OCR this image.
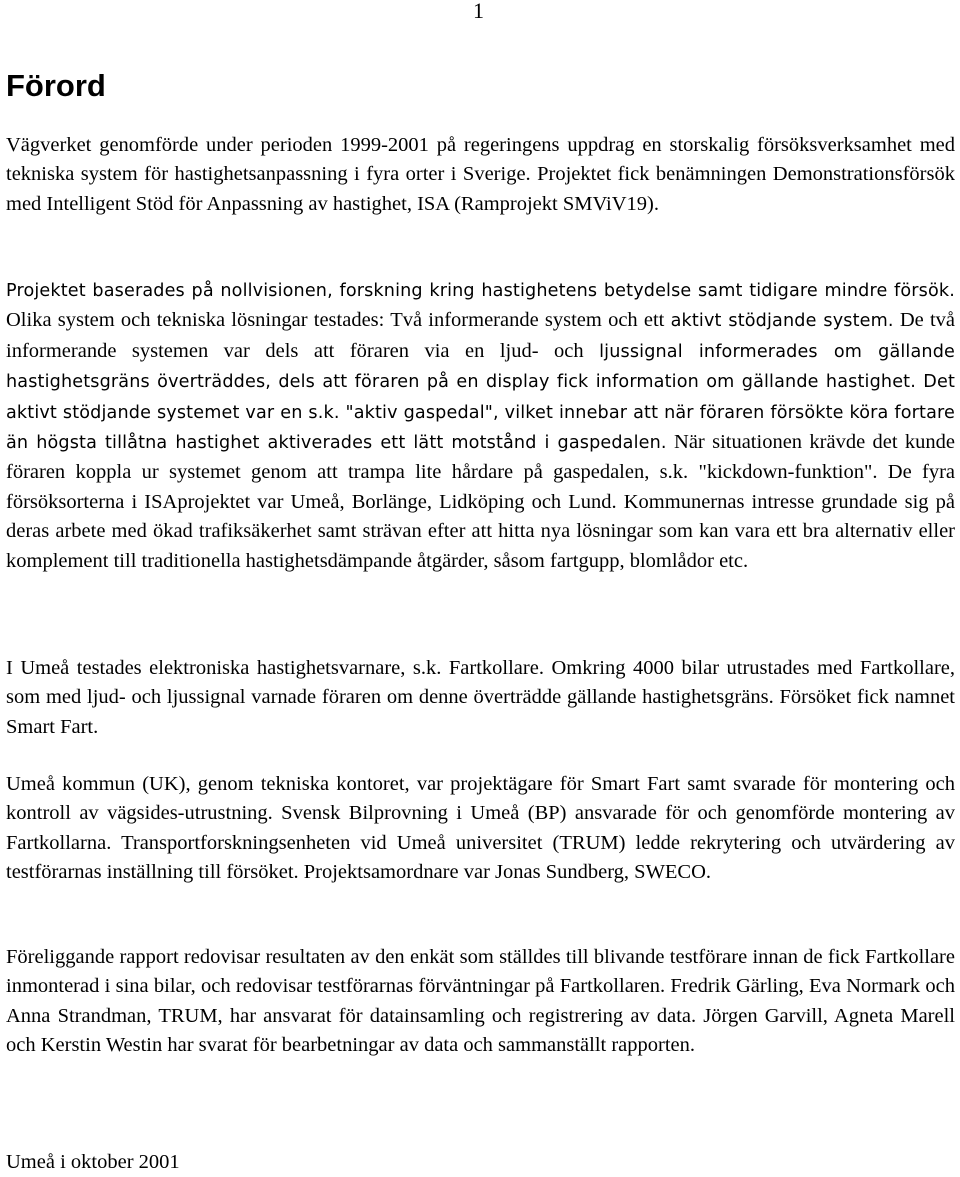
1
Förord

Vägverket genomförde under perioden 1999-2001 på regeringens uppdrag en storskalig försöksverksamhet med tekniska system för hastighetsanpassning i fyra orter i Sverige. Projektet fick benämningen Demonstrationsförsök med Intelligent Stöd för Anpassning av hastighet, ISA (Ramprojekt SMViV19).

Projektet baserades på nollvisionen, forskning kring hastighetens betydelse samt tidigare mindre försök. Olika system och tekniska lösningar testades: Två informerande system och ett aktivt stödjande system. De två informerande systemen var dels att föraren via en ljud- och ljussignal informerades om gällande hastighetsgräns överträddes, dels att föraren på en display fick information om gällande hastighet. Det aktivt stödjande systemet var en s.k. "aktiv gaspedal", vilket innebar att när föraren försökte köra fortare än högsta tillåtna hastighet aktiverades ett lätt motstånd i gaspedalen. När situationen krävde det kunde föraren koppla ur systemet genom att trampa lite hårdare på gaspedalen, s.k. "kickdown-funktion". De fyra försöksorterna i ISAprojektet var Umeå, Borlänge, Lidköping och Lund. Kommunernas intresse grundade sig på deras arbete med ökad trafiksäkerhet samt strävan efter att hitta nya lösningar som kan vara ett bra alternativ eller komplement till traditionella hastighetsdämpande åtgärder, såsom fartgupp, blomlådor etc.

I Umeå testades elektroniska hastighetsvarnare, s.k. Fartkollare. Omkring 4000 bilar utrustades med Fartkollare, som med ljud- och ljussignal varnade föraren om denne överträdde gällande hastighetsgräns. Försöket fick namnet Smart Fart.

Umeå kommun (UK), genom tekniska kontoret, var projektägare för Smart Fart samt svarade för montering och kontroll av vägsides-utrustning. Svensk Bilprovning i Umeå (BP) ansvarade för och genomförde montering av Fartkollarna. Transportforskningsenheten vid Umeå universitet (TRUM) ledde rekrytering och utvärdering av testförarnas inställning till försöket. Projektsamordnare var Jonas Sundberg, SWECO.

Föreliggande rapport redovisar resultaten av den enkät som ställdes till blivande testförare innan de fick Fartkollare inmonterad i sina bilar, och redovisar testförarnas förväntningar på Fartkollaren. Fredrik Gärling, Eva Normark och Anna Strandman, TRUM, har ansvarat för datainsamling och registrering av data. Jörgen Garvill, Agneta Marell och Kerstin Westin har svarat för bearbetningar av data och sammanställt rapporten.

Umeå i oktober 2001
